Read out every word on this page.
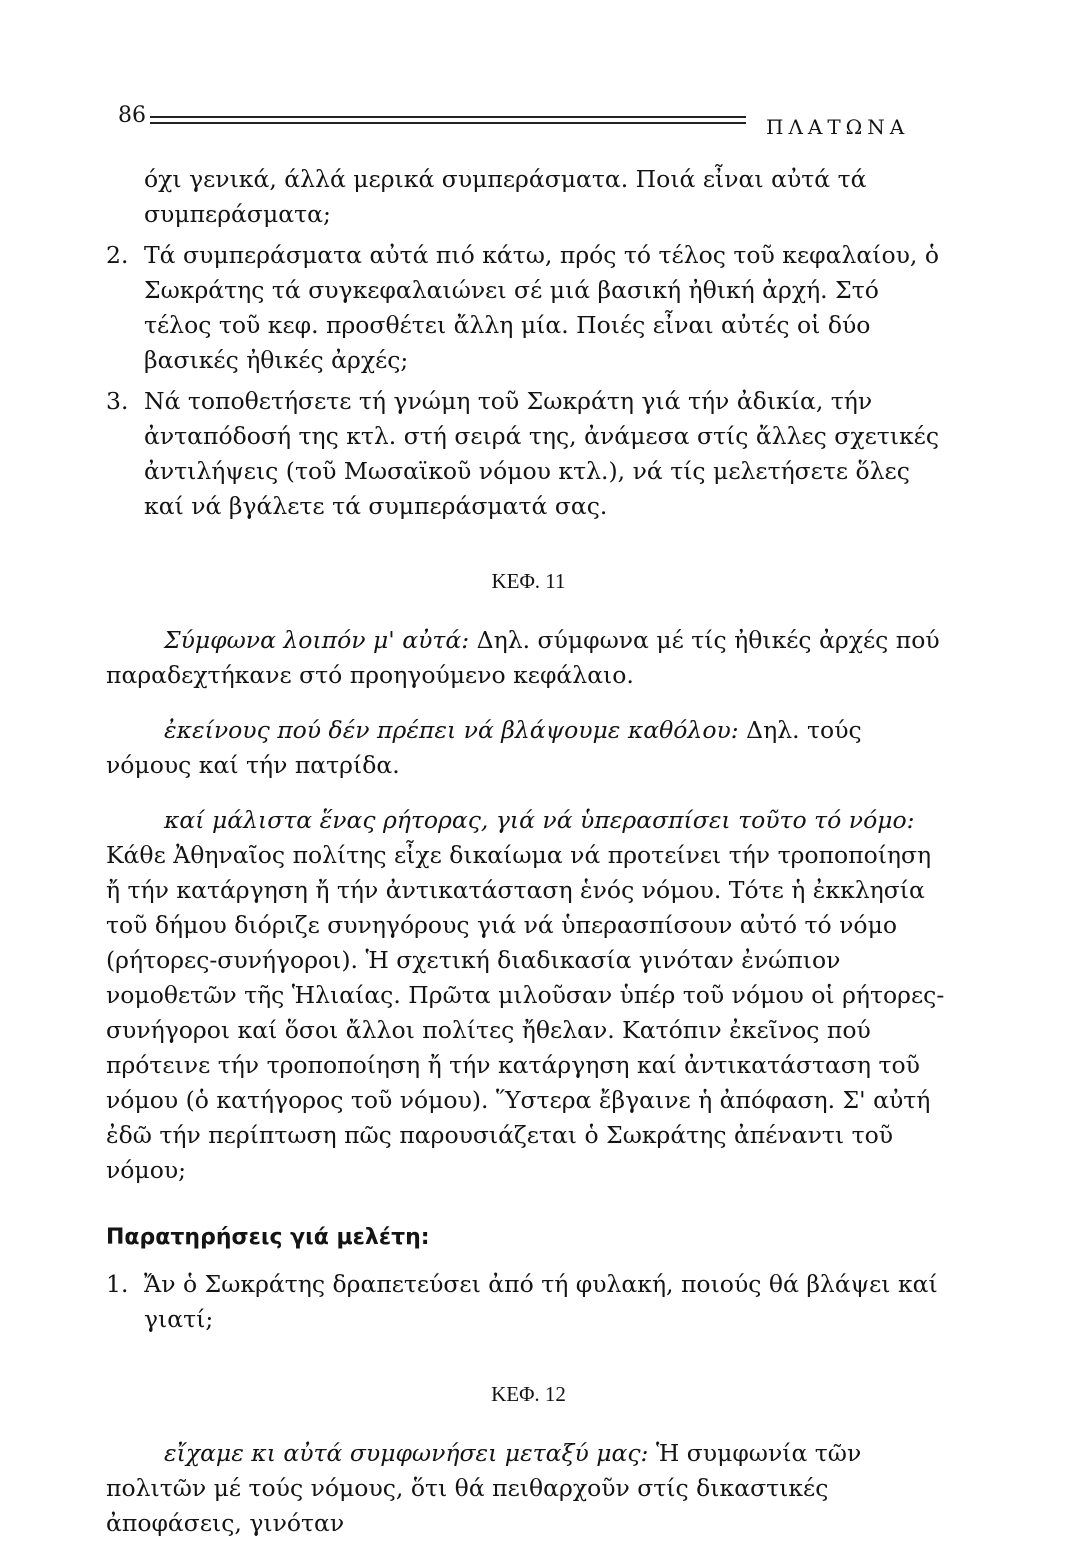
86	ΠΛΑΤΩΝΑ

όχι γενικά, άλλά μερικά συμπεράσματα. Ποιά εἶναι αὐτά τά συμπεράσματα;

2. Τά συμπεράσματα αὐτά πιό κάτω, πρός τό τέλος τοῦ κεφαλαίου, ὁ Σωκράτης τά συγκεφαλαιώνει σέ μιά βασική ἠθική ἀρχή. Στό τέλος τοῦ κεφ. προσθέτει ἄλλη μία. Ποιές εἶναι αὐτές οἱ δύο βασικές ἠθικές ἀρχές;
3. Νά τοποθετήσετε τή γνώμη τοῦ Σωκράτη γιά τήν ἀδικία, τήν ἀνταπόδοσή της κτλ. στή σειρά της, ἀνάμεσα στίς ἄλλες σχετικές ἀντιλήψεις (τοῦ Μωσαϊκοῦ νόμου κτλ.), νά τίς μελετήσετε ὅλες καί νά βγάλετε τά συμπεράσματά σας.
ΚΕΦ. 11

Σύμφωνα λοιπόν μ' αὐτά: Δηλ. σύμφωνα μέ τίς ἠθικές ἀρχές πού παραδεχτήκανε στό προηγούμενο κεφάλαιο.

ἐκείνους πού δέν πρέπει νά βλάψουμε καθόλου: Δηλ. τούς νόμους καί τήν πατρίδα.

καί μάλιστα ἕνας ρήτορας, γιά νά ὑπερασπίσει τοῦτο τό νόμο: Κάθε Ἀθηναῖος πολίτης εἶχε δικαίωμα νά προτείνει τήν τροποποίηση ἤ τήν κατάργηση ἤ τήν ἀντικατάσταση ἑνός νόμου. Τότε ἡ ἐκκλησία τοῦ δήμου διόριζε συνηγόρους γιά νά ὑπερασπίσουν αὐτό τό νόμο (ρήτορες-συνήγοροι). Ἡ σχετική διαδικασία γινόταν ἐνώπιον νομοθετῶν τῆς Ἡλιαίας. Πρῶτα μιλοῦσαν ὑπέρ τοῦ νόμου οἱ ρήτορες-συνήγοροι καί ὅσοι ἄλλοι πολίτες ἤθελαν. Κατόπιν ἐκεῖνος πού πρότεινε τήν τροποποίηση ἤ τήν κατάργηση καί ἀντικατάσταση τοῦ νόμου (ὁ κατήγορος τοῦ νόμου). Ὕστερα ἔβγαινε ἡ ἀπόφαση. Σ' αὐτή ἐδῶ τήν περίπτωση πῶς παρουσιάζεται ὁ Σωκράτης ἀπέναντι τοῦ νόμου;

Παρατηρήσεις γιά μελέτη:
1. Ἄν ὁ Σωκράτης δραπετεύσει ἀπό τή φυλακή, ποιούς θά βλάψει καί γιατί;
ΚΕΦ. 12

εἴχαμε κι αὐτά συμφωνήσει μεταξύ μας: Ἡ συμφωνία τῶν πολιτῶν μέ τούς νόμους, ὅτι θά πειθαρχοῦν στίς δικαστικές ἀποφάσεις, γινόταν
